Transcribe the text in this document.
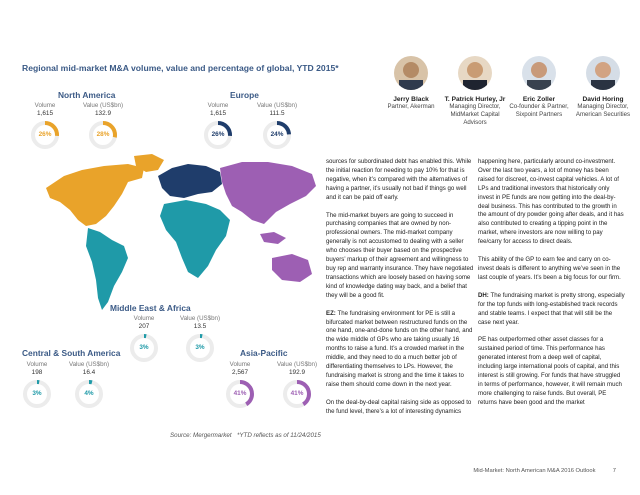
Regional mid-market M&A volume, value and percentage of global, YTD 2015*
North America
Volume
1,615
Value (US$bn)
132.9
26%	28%
Europe
Volume
1,615
Value (US$bn)
111.5
26%	24%
Middle East & Africa
Volume
207
Value (US$bn)
13.5
3%	3%
Central & South America
Volume
198
Value (US$bn)
16.4
3%	4%
Asia-Pacific
Volume
2,567
Value (US$bn)
192.9
41%	41%
Jerry Black
Partner, Akerman
T. Patrick Hurley, Jr
Managing Director, MidMarket Capital Advisors
Eric Zoller
Co-founder & Partner, Sixpoint Partners
David Horing
Managing Director, American Securities

sources for subordinated debt has enabled this. While the initial reaction for needing to pay 10% for that is negative, when it’s compared with the alternatives of having a partner, it’s usually not bad if things go well and it can be paid off early.

The mid-market buyers are going to succeed in purchasing companies that are owned by non-professional owners. The mid-market company generally is not accustomed to dealing with a seller who chooses their buyer based on the prospective buyers’ markup of their agreement and willingness to buy rep and warranty insurance. They have negotiated transactions which are loosely based on having some kind of knowledge dating way back, and a belief that they will be a good fit.

EZ: The fundraising environment for PE is still a bifurcated market between restructured funds on the one hand, one-and-done funds on the other hand, and the wide middle of GPs who are taking usually 16 months to raise a fund. It’s a crowded market in the middle, and they need to do a much better job of differentiating themselves to LPs. However, the fundraising market is strong and the time it takes to raise them should come down in the next year.

On the deal-by-deal capital raising side as opposed to the fund level, there’s a lot of interesting dynamics

happening here, particularly around co-investment. Over the last two years, a lot of money has been raised for discreet, co-invest capital vehicles. A lot of LPs and traditional investors that historically only invest in PE funds are now getting into the deal-by-deal business. This has contributed to the growth in the amount of dry powder going after deals, and it has also contributed to creating a tipping point in the market, where investors are now willing to pay fee/carry for access to direct deals.

This ability of the GP to earn fee and carry on co-invest deals is different to anything we’ve seen in the last couple of years. It’s been a big focus for our firm.

DH: The fundraising market is pretty strong, especially for the top funds with long-established track records and stable teams. I expect that that will still be the case next year.

PE has outperformed other asset classes for a sustained period of time. This performance has generated interest from a deep well of capital, including large international pools of capital, and this interest is still growing. For funds that have struggled in terms of performance, however, it will remain much more challenging to raise funds. But overall, PE returns have been good and the market

Source: Mergermarket *YTD reflects as of 11/24/2015
Mid-Market: North American M&A 2016 Outlook	7
